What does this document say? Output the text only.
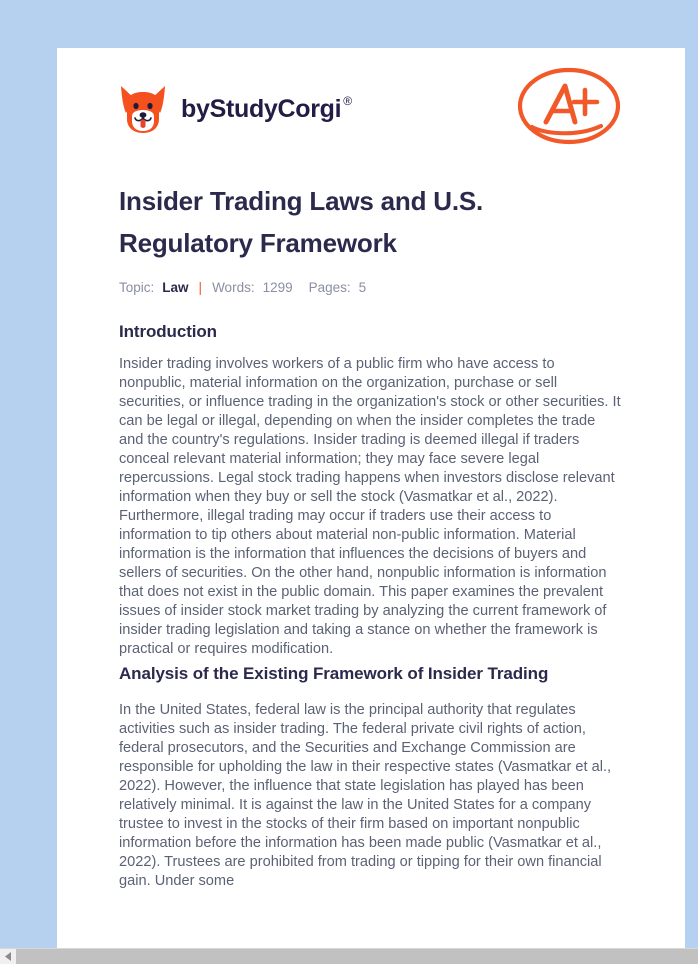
by StudyCorgi ®
Insider Trading Laws and U.S. Regulatory Framework
Topic: Law | Words: 1299 Pages: 5
Introduction

Insider trading involves workers of a public firm who have access to nonpublic, material information on the organization, purchase or sell securities, or influence trading in the organization's stock or other securities. It can be legal or illegal, depending on when the insider completes the trade and the country's regulations. Insider trading is deemed illegal if traders conceal relevant material information; they may face severe legal repercussions. Legal stock trading happens when investors disclose relevant information when they buy or sell the stock (Vasmatkar et al., 2022). Furthermore, illegal trading may occur if traders use their access to information to tip others about material non-public information. Material information is the information that influences the decisions of buyers and sellers of securities. On the other hand, nonpublic information is information that does not exist in the public domain. This paper examines the prevalent issues of insider stock market trading by analyzing the current framework of insider trading legislation and taking a stance on whether the framework is practical or requires modification.

Analysis of the Existing Framework of Insider Trading

In the United States, federal law is the principal authority that regulates activities such as insider trading. The federal private civil rights of action, federal prosecutors, and the Securities and Exchange Commission are responsible for upholding the law in their respective states (Vasmatkar et al., 2022). However, the influence that state legislation has played has been relatively minimal. It is against the law in the United States for a company trustee to invest in the stocks of their firm based on important nonpublic information before the information has been made public (Vasmatkar et al., 2022). Trustees are prohibited from trading or tipping for their own financial gain. Under some
